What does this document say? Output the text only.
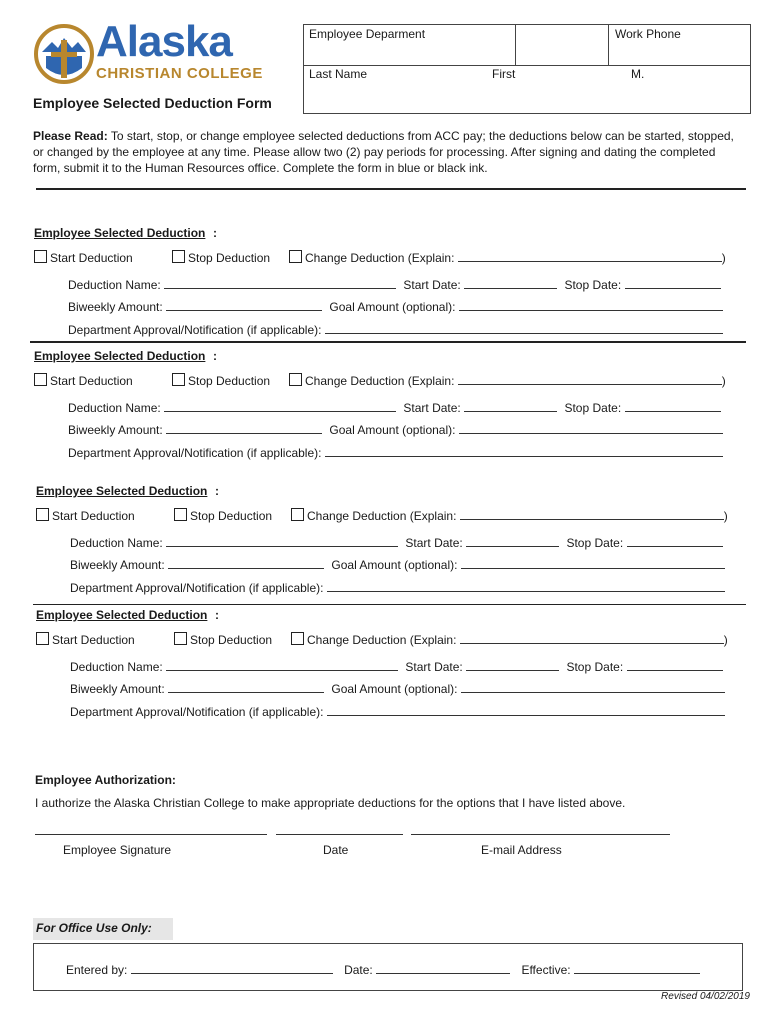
Alaska
CHRISTIAN COLLEGE
Employee Selected Deduction Form
Employee Deparment	Work Phone
Last Name	First	M.
Please Read: To start, stop, or change employee selected deductions from ACC pay; the deductions below can be started, stopped, or changed by the employee at any time. Please allow two (2) pay periods for processing. After signing and dating the completed form, submit it to the Human Resources office. Complete the form in blue or black ink.
Employee Selected Deduction :
Start Deduction	Stop Deduction	Change Deduction (Explain:	)
Deduction Name:	Start Date:	Stop Date:
Biweekly Amount:	Goal Amount (optional):
Department Approval/Notification (if applicable):
Employee Selected Deduction :
Start Deduction	Stop Deduction	Change Deduction (Explain:	)
Deduction Name:	Start Date:	Stop Date:
Biweekly Amount:	Goal Amount (optional):
Department Approval/Notification (if applicable):
Employee Selected Deduction :
Start Deduction	Stop Deduction	Change Deduction (Explain:	)
Deduction Name:	Start Date:	Stop Date:
Biweekly Amount:	Goal Amount (optional):
Department Approval/Notification (if applicable):
Employee Selected Deduction :
Start Deduction	Stop Deduction	Change Deduction (Explain:	)
Deduction Name:	Start Date:	Stop Date:
Biweekly Amount:	Goal Amount (optional):
Department Approval/Notification (if applicable):
Employee Authorization:
I authorize the Alaska Christian College to make appropriate deductions for the options that I have listed above.
Employee Signature	Date	E-mail Address
For Office Use Only:
Entered by:	Date:	Effective:
Revised 04/02/2019
